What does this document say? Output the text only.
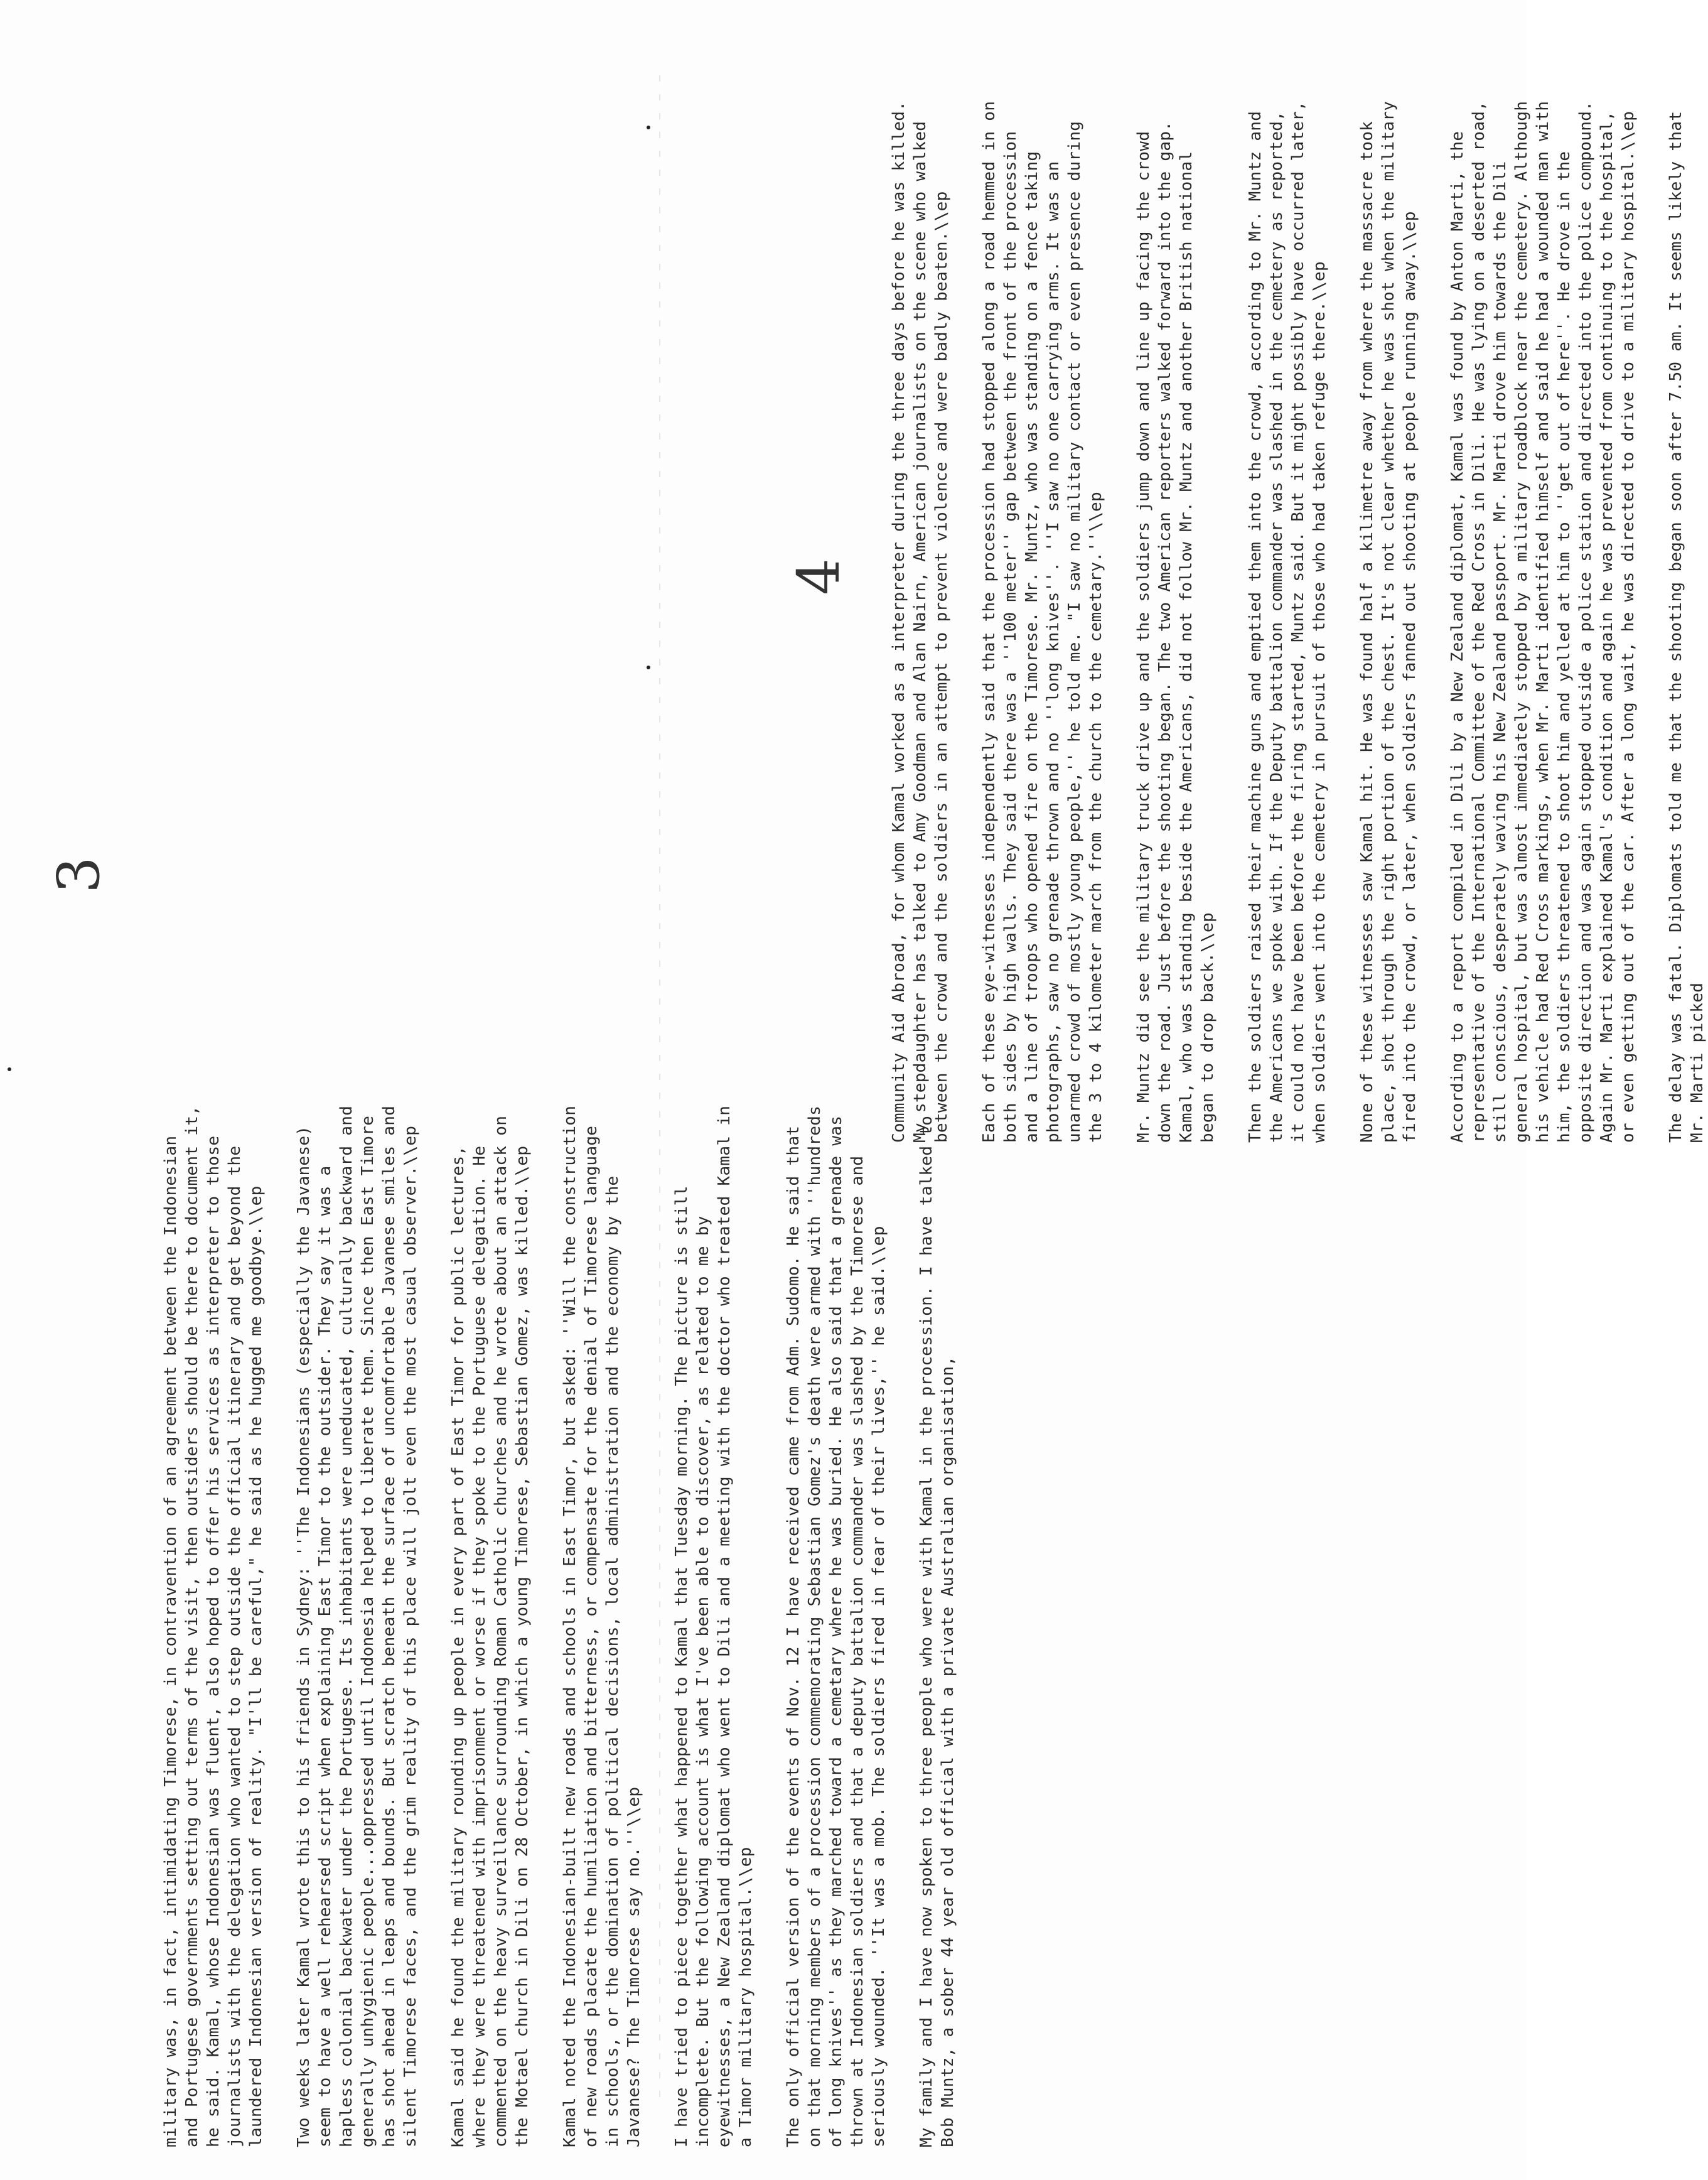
3
4

military was, in fact, intimidating Timorese, in contravention of an agreement between the Indonesian and Portugese governments setting out terms of the visit, then outsiders should be there to document it, he said. Kamal, whose Indonesian was fluent, also hoped to offer his services as interpreter to those journalists with the delegation who wanted to step outside the official itinerary and get beyond the laundered Indonesian version of reality. "I'll be careful," he said as he hugged me goodbye.\\ep Two weeks later Kamal wrote this to his friends in Sydney: ''The Indonesians (especially the Javanese) seem to have a well rehearsed script when explaining East Timor to the outsider. They say it was a hapless colonial backwater under the Portugese. Its inhabitants were uneducated, culturally backward and generally unhygienic people...oppressed until Indonesia helped to liberate them. Since then East Timore has shot ahead in leaps and bounds. But scratch beneath the surface of uncomfortable Javanese smiles and silent Timorese faces, and the grim reality of this place will jolt even the most casual observer.\\ep Kamal said he found the military rounding up people in every part of East Timor for public lectures, where they were threatened with imprisonment or worse if they spoke to the Portuguese delegation. He commented on the heavy surveillance surrounding Roman Catholic churches and he wrote about an attack on the Motael church in Dili on 28 October, in which a young Timorese, Sebastian Gomez, was killed.\\ep Kamal noted the Indonesian-built new roads and schools in East Timor, but asked: ''Will the construction of new roads placate the humiliation and bitterness, or compensate for the denial of Timorese language in schools, or the domination of political decisions, local administration and the economy by the Javanese? The Timorese say no.''\\ep I have tried to piece together what happened to Kamal that Tuesday morning. The picture is still incomplete. But the following account is what I've been able to discover, as related to me by eyewitnesses, a New Zealand diplomat who went to Dili and a meeting with the doctor who treated Kamal in a Timor military hospital.\\ep The only official version of the events of Nov. 12 I have received came from Adm. Sudomo. He said that on that morning members of a procession commemorating Sebastian Gomez's death were armed with ''hundreds of long knives'' as they marched toward a cemetary where he was buried. He also said that a grenade was thrown at Indonesian soldiers and that a deputy battalion commander was slashed by the Timorese and seriously wounded. ''It was a mob. The soldiers fired in fear of their lives,'' he said.\\ep My family and I have now spoken to three people who were with Kamal in the procession. I have talked to Bob Muntz, a sober 44 year old official with a private Australian organisation,

Community Aid Abroad, for whom Kamal worked as a interpreter during the three days before he was killed. My stepdaughter has talked to Amy Goodman and Alan Nairn, American journalists on the scene who walked between the crowd and the soldiers in an attempt to prevent violence and were badly beaten.\\ep Each of these eye-witnesses independently said that the procession had stopped along a road hemmed in on both sides by high walls. They said there was a ''100 meter'' gap between the front of the procession and a line of troops who opened fire on the Timorese. Mr. Muntz, who was standing on a fence taking photographs, saw no grenade thrown and no ''long knives''. ''I saw no one carrying arms. It was an unarmed crowd of mostly young people,'' he told me. "I saw no military contact or even presence during the 3 to 4 kilometer march from the church to the cemetary.''\\ep Mr. Muntz did see the military truck drive up and the soldiers jump down and line up facing the crowd down the road. Just before the shooting began. The two American reporters walked forward into the gap. Kamal, who was standing beside the Americans, did not follow Mr. Muntz and another British national began to drop back.\\ep Then the soldiers raised their machine guns and emptied them into the crowd, according to Mr. Muntz and the Americans we spoke with. If the Deputy battalion commander was slashed in the cemetery as reported, it could not have been before the firing started, Muntz said. But it might possibly have occurred later, when soldiers went into the cemetery in pursuit of those who had taken refuge there.\\ep None of these witnesses saw Kamal hit. He was found half a kilimetre away from where the massacre took place, shot through the right portion of the chest. It's not clear whether he was shot when the military fired into the crowd, or later, when soldiers fanned out shooting at people running away.\\ep According to a report compiled in Dili by a New Zealand diplomat, Kamal was found by Anton Marti, the representative of the International Committee of the Red Cross in Dili. He was lying on a deserted road, still conscious, desperately waving his New Zealand passport. Mr. Marti drove him towards the Dili general hospital, but was almost immediately stopped by a military roadblock near the cemetery. Although his vehicle had Red Cross markings, when Mr. Marti identified himself and said he had a wounded man with him, the soldiers threatened to shoot him and yelled at him to ''get out of here''. He drove in the opposite direction and was again stopped outside a police station and directed into the police compound. Again Mr. Marti explained Kamal's condition and again he was prevented from continuing to the hospital, or even getting out of the car. After a long wait, he was directed to drive to a military hospital.\\ep The delay was fatal. Diplomats told me that the shooting began soon after 7.50 am. It seems likely that Mr. Marti picked
